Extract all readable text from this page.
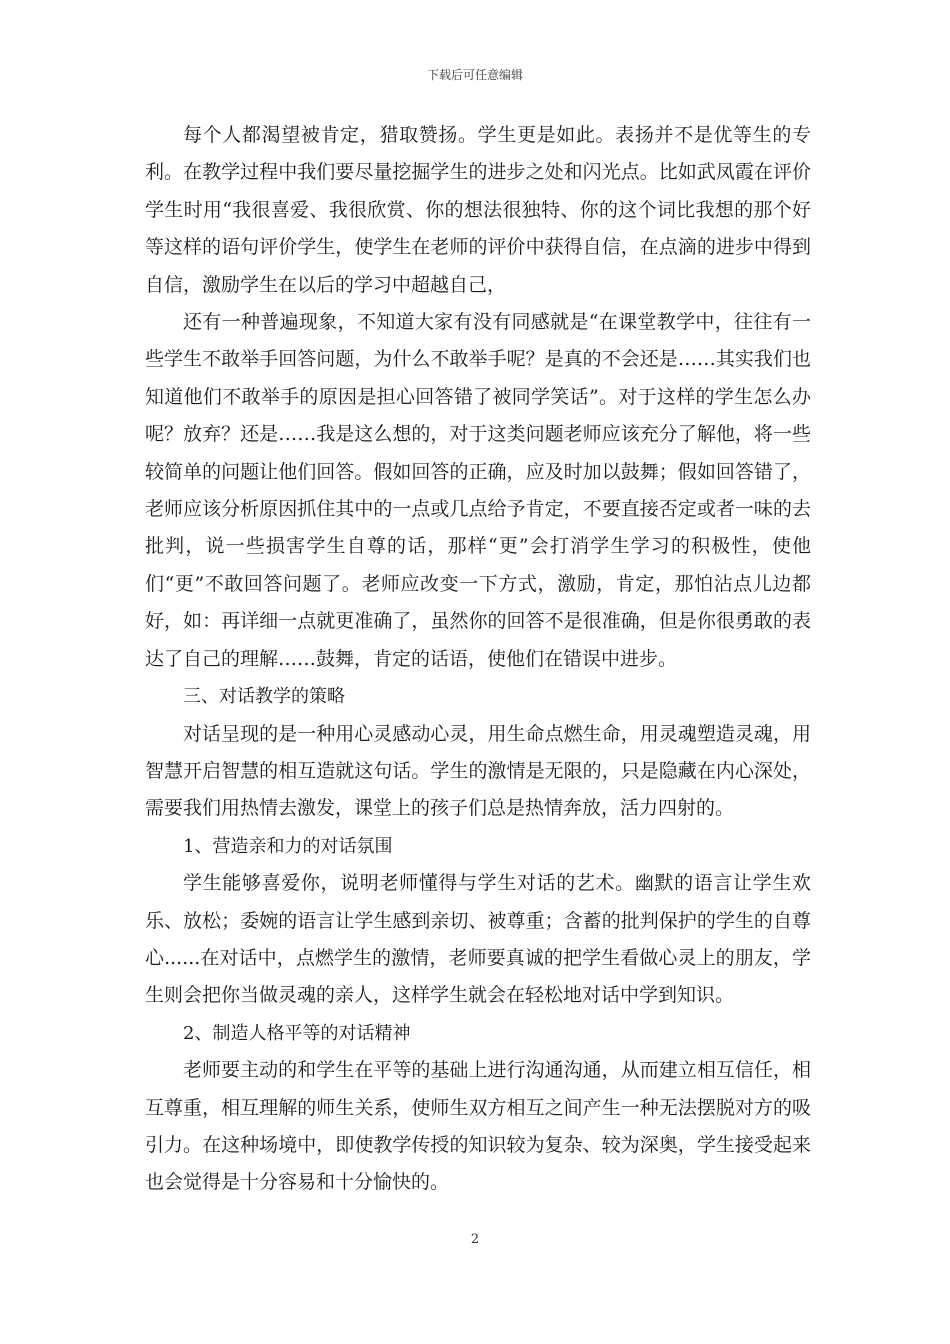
下载后可任意编辑

每个人都渴望被肯定，猎取赞扬。学生更是如此。表扬并不是优等生的专利。在教学过程中我们要尽量挖掘学生的进步之处和闪光点。比如武凤霞在评价学生时用“我很喜爱、我很欣赏、你的想法很独特、你的这个词比我想的那个好等这样的语句评价学生，使学生在老师的评价中获得自信，在点滴的进步中得到自信，激励学生在以后的学习中超越自己，

还有一种普遍现象，不知道大家有没有同感就是“在课堂教学中，往往有一些学生不敢举手回答问题，为什么不敢举手呢？是真的不会还是……其实我们也知道他们不敢举手的原因是担心回答错了被同学笑话”。对于这样的学生怎么办呢？放弃？还是……我是这么想的，对于这类问题老师应该充分了解他，将一些较简单的问题让他们回答。假如回答的正确，应及时加以鼓舞；假如回答错了，老师应该分析原因抓住其中的一点或几点给予肯定，不要直接否定或者一味的去批判，说一些损害学生自尊的话，那样“更”会打消学生学习的积极性，使他们“更”不敢回答问题了。老师应改变一下方式，激励，肯定，那怕沾点儿边都好，如：再详细一点就更准确了，虽然你的回答不是很准确，但是你很勇敢的表达了自己的理解……鼓舞，肯定的话语，使他们在错误中进步。

三、对话教学的策略

对话呈现的是一种用心灵感动心灵，用生命点燃生命，用灵魂塑造灵魂，用智慧开启智慧的相互造就这句话。学生的激情是无限的，只是隐藏在内心深处，需要我们用热情去激发，课堂上的孩子们总是热情奔放，活力四射的。

1、营造亲和力的对话氛围

学生能够喜爱你，说明老师懂得与学生对话的艺术。幽默的语言让学生欢乐、放松；委婉的语言让学生感到亲切、被尊重；含蓄的批判保护的学生的自尊心......在对话中，点燃学生的激情，老师要真诚的把学生看做心灵上的朋友，学生则会把你当做灵魂的亲人，这样学生就会在轻松地对话中学到知识。

2、制造人格平等的对话精神

老师要主动的和学生在平等的基础上进行沟通沟通，从而建立相互信任，相互尊重，相互理解的师生关系，使师生双方相互之间产生一种无法摆脱对方的吸引力。在这种场境中，即使教学传授的知识较为复杂、较为深奥，学生接受起来也会觉得是十分容易和十分愉快的。

2
